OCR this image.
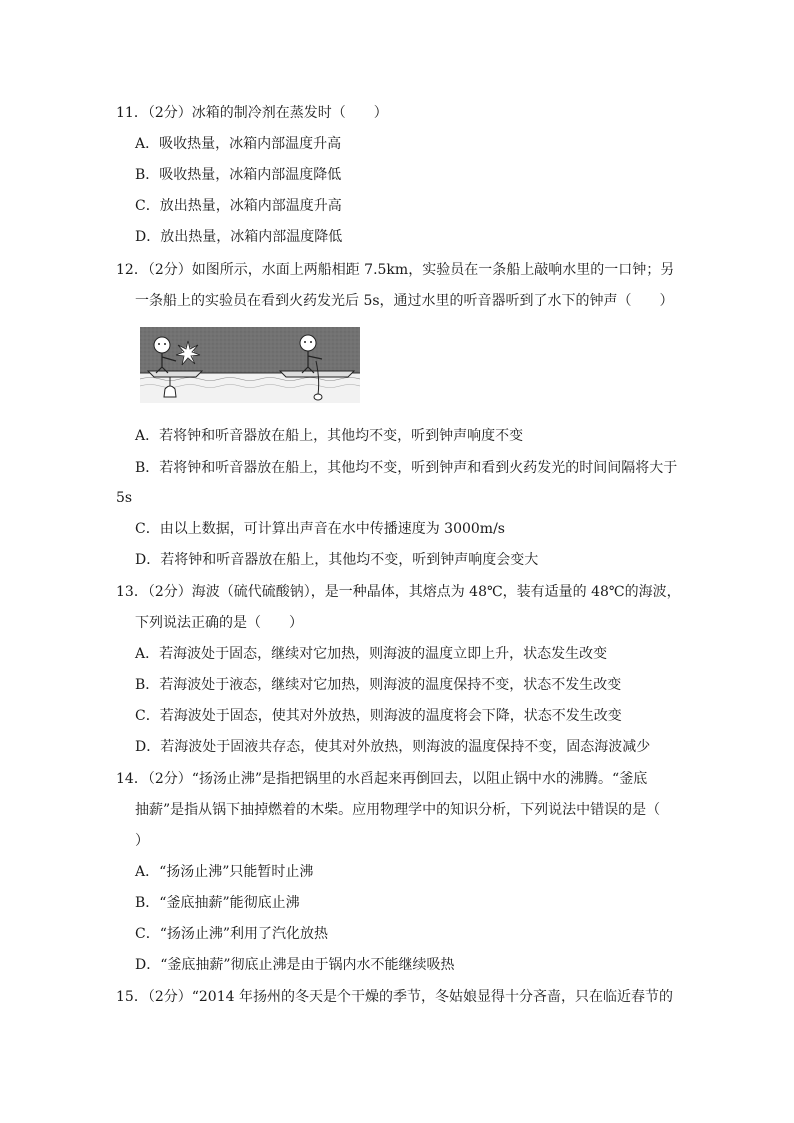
11．（2分）冰箱的制冷剂在蒸发时（　　）
A．吸收热量，冰箱内部温度升高
B．吸收热量，冰箱内部温度降低
C．放出热量，冰箱内部温度升高
D．放出热量，冰箱内部温度降低
12．（2分）如图所示，水面上两船相距 7.5km，实验员在一条船上敲响水里的一口钟；另
一条船上的实验员在看到火药发光后 5s，通过水里的听音器听到了水下的钟声（　　）
A．若将钟和听音器放在船上，其他均不变，听到钟声响度不变
B．若将钟和听音器放在船上，其他均不变，听到钟声和看到火药发光的时间间隔将大于
5s
C．由以上数据，可计算出声音在水中传播速度为 3000m/s
D．若将钟和听音器放在船上，其他均不变，听到钟声响度会变大
13．（2分）海波（硫代硫酸钠），是一种晶体，其熔点为 48℃，装有适量的 48℃的海波，
下列说法正确的是（　　）
A．若海波处于固态，继续对它加热，则海波的温度立即上升，状态发生改变
B．若海波处于液态，继续对它加热，则海波的温度保持不变，状态不发生改变
C．若海波处于固态，使其对外放热，则海波的温度将会下降，状态不发生改变
D．若海波处于固液共存态，使其对外放热，则海波的温度保持不变，固态海波减少
14．（2分）“扬汤止沸”是指把锅里的水舀起来再倒回去，以阻止锅中水的沸腾。“釜底
抽薪”是指从锅下抽掉燃着的木柴。应用物理学中的知识分析，下列说法中错误的是（
）
A．“扬汤止沸”只能暂时止沸
B．“釜底抽薪”能彻底止沸
C．“扬汤止沸”利用了汽化放热
D．“釜底抽薪”彻底止沸是由于锅内水不能继续吸热
15．（2分）“2014 年扬州的冬天是个干燥的季节，冬姑娘显得十分吝啬，只在临近春节的
